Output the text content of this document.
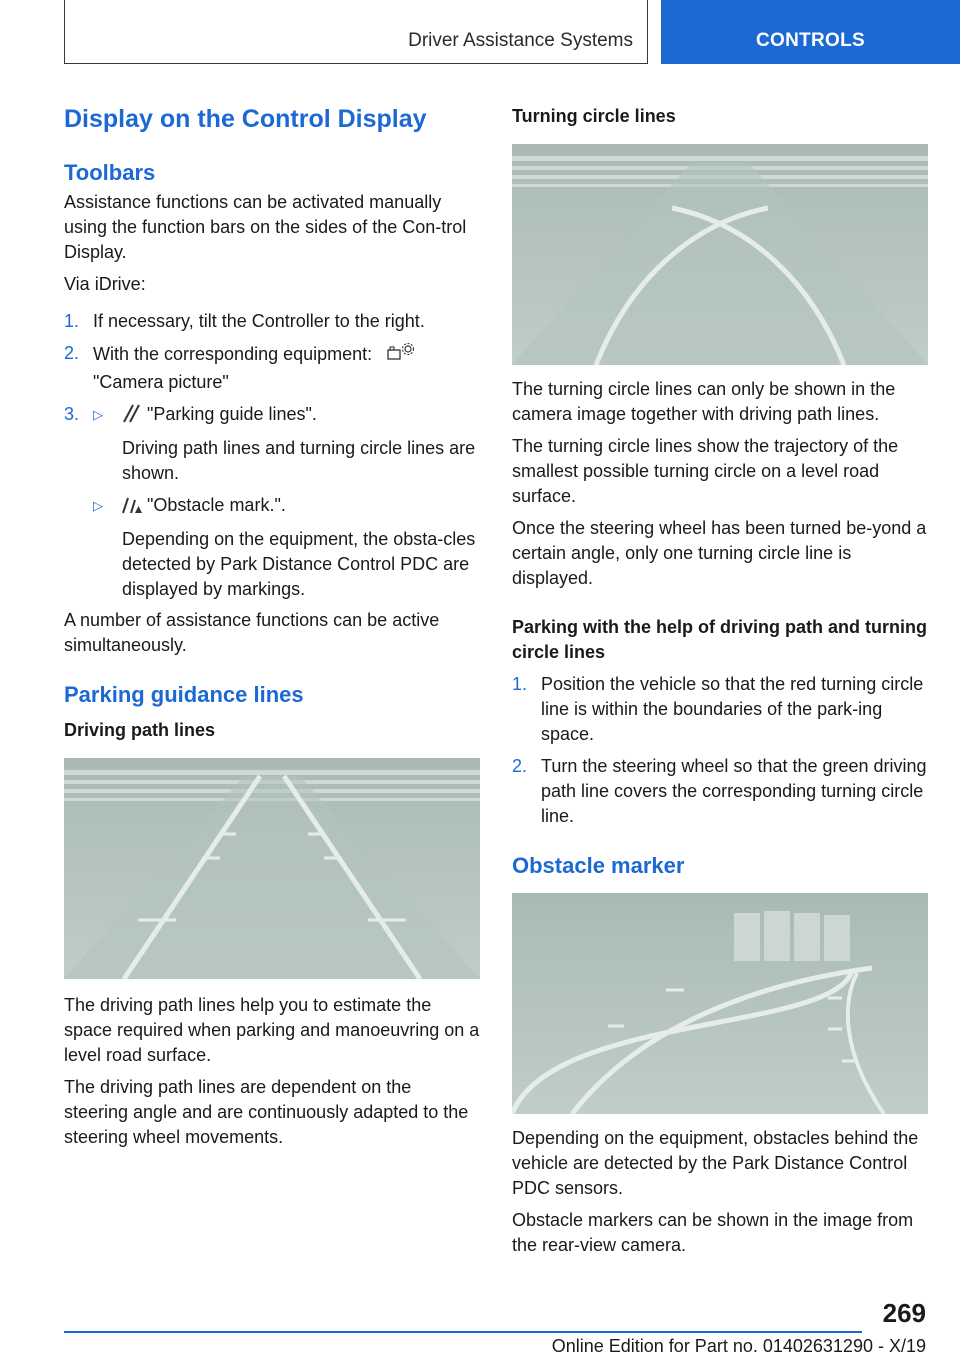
Driver Assistance Systems	CONTROLS
Display on the Control Display
Toolbars

Assistance functions can be activated manually using the function bars on the sides of the Con-trol Display.

Via iDrive:

1. If necessary, tilt the Controller to the right.
2. With the corresponding equipment:
"Camera picture"
3. ▷ "Parking guide lines".
Driving path lines and turning circle lines are shown.
▷ "Obstacle mark.".
Depending on the equipment, the obsta-cles detected by Park Distance Control PDC are displayed by markings.

A number of assistance functions can be active simultaneously.

Parking guidance lines
Driving path lines

The driving path lines help you to estimate the space required when parking and manoeuvring on a level road surface.

The driving path lines are dependent on the steering angle and are continuously adapted to the steering wheel movements.

Turning circle lines

The turning circle lines can only be shown in the camera image together with driving path lines.

The turning circle lines show the trajectory of the smallest possible turning circle on a level road surface.

Once the steering wheel has been turned be-yond a certain angle, only one turning circle line is displayed.

Parking with the help of driving path and turning circle lines
1. Position the vehicle so that the red turning circle line is within the boundaries of the park-ing space.
2. Turn the steering wheel so that the green driving path line covers the corresponding turning circle line.
Obstacle marker

Depending on the equipment, obstacles behind the vehicle are detected by the Park Distance Control PDC sensors.

Obstacle markers can be shown in the image from the rear-view camera.

269
Online Edition for Part no. 01402631290 - X/19
